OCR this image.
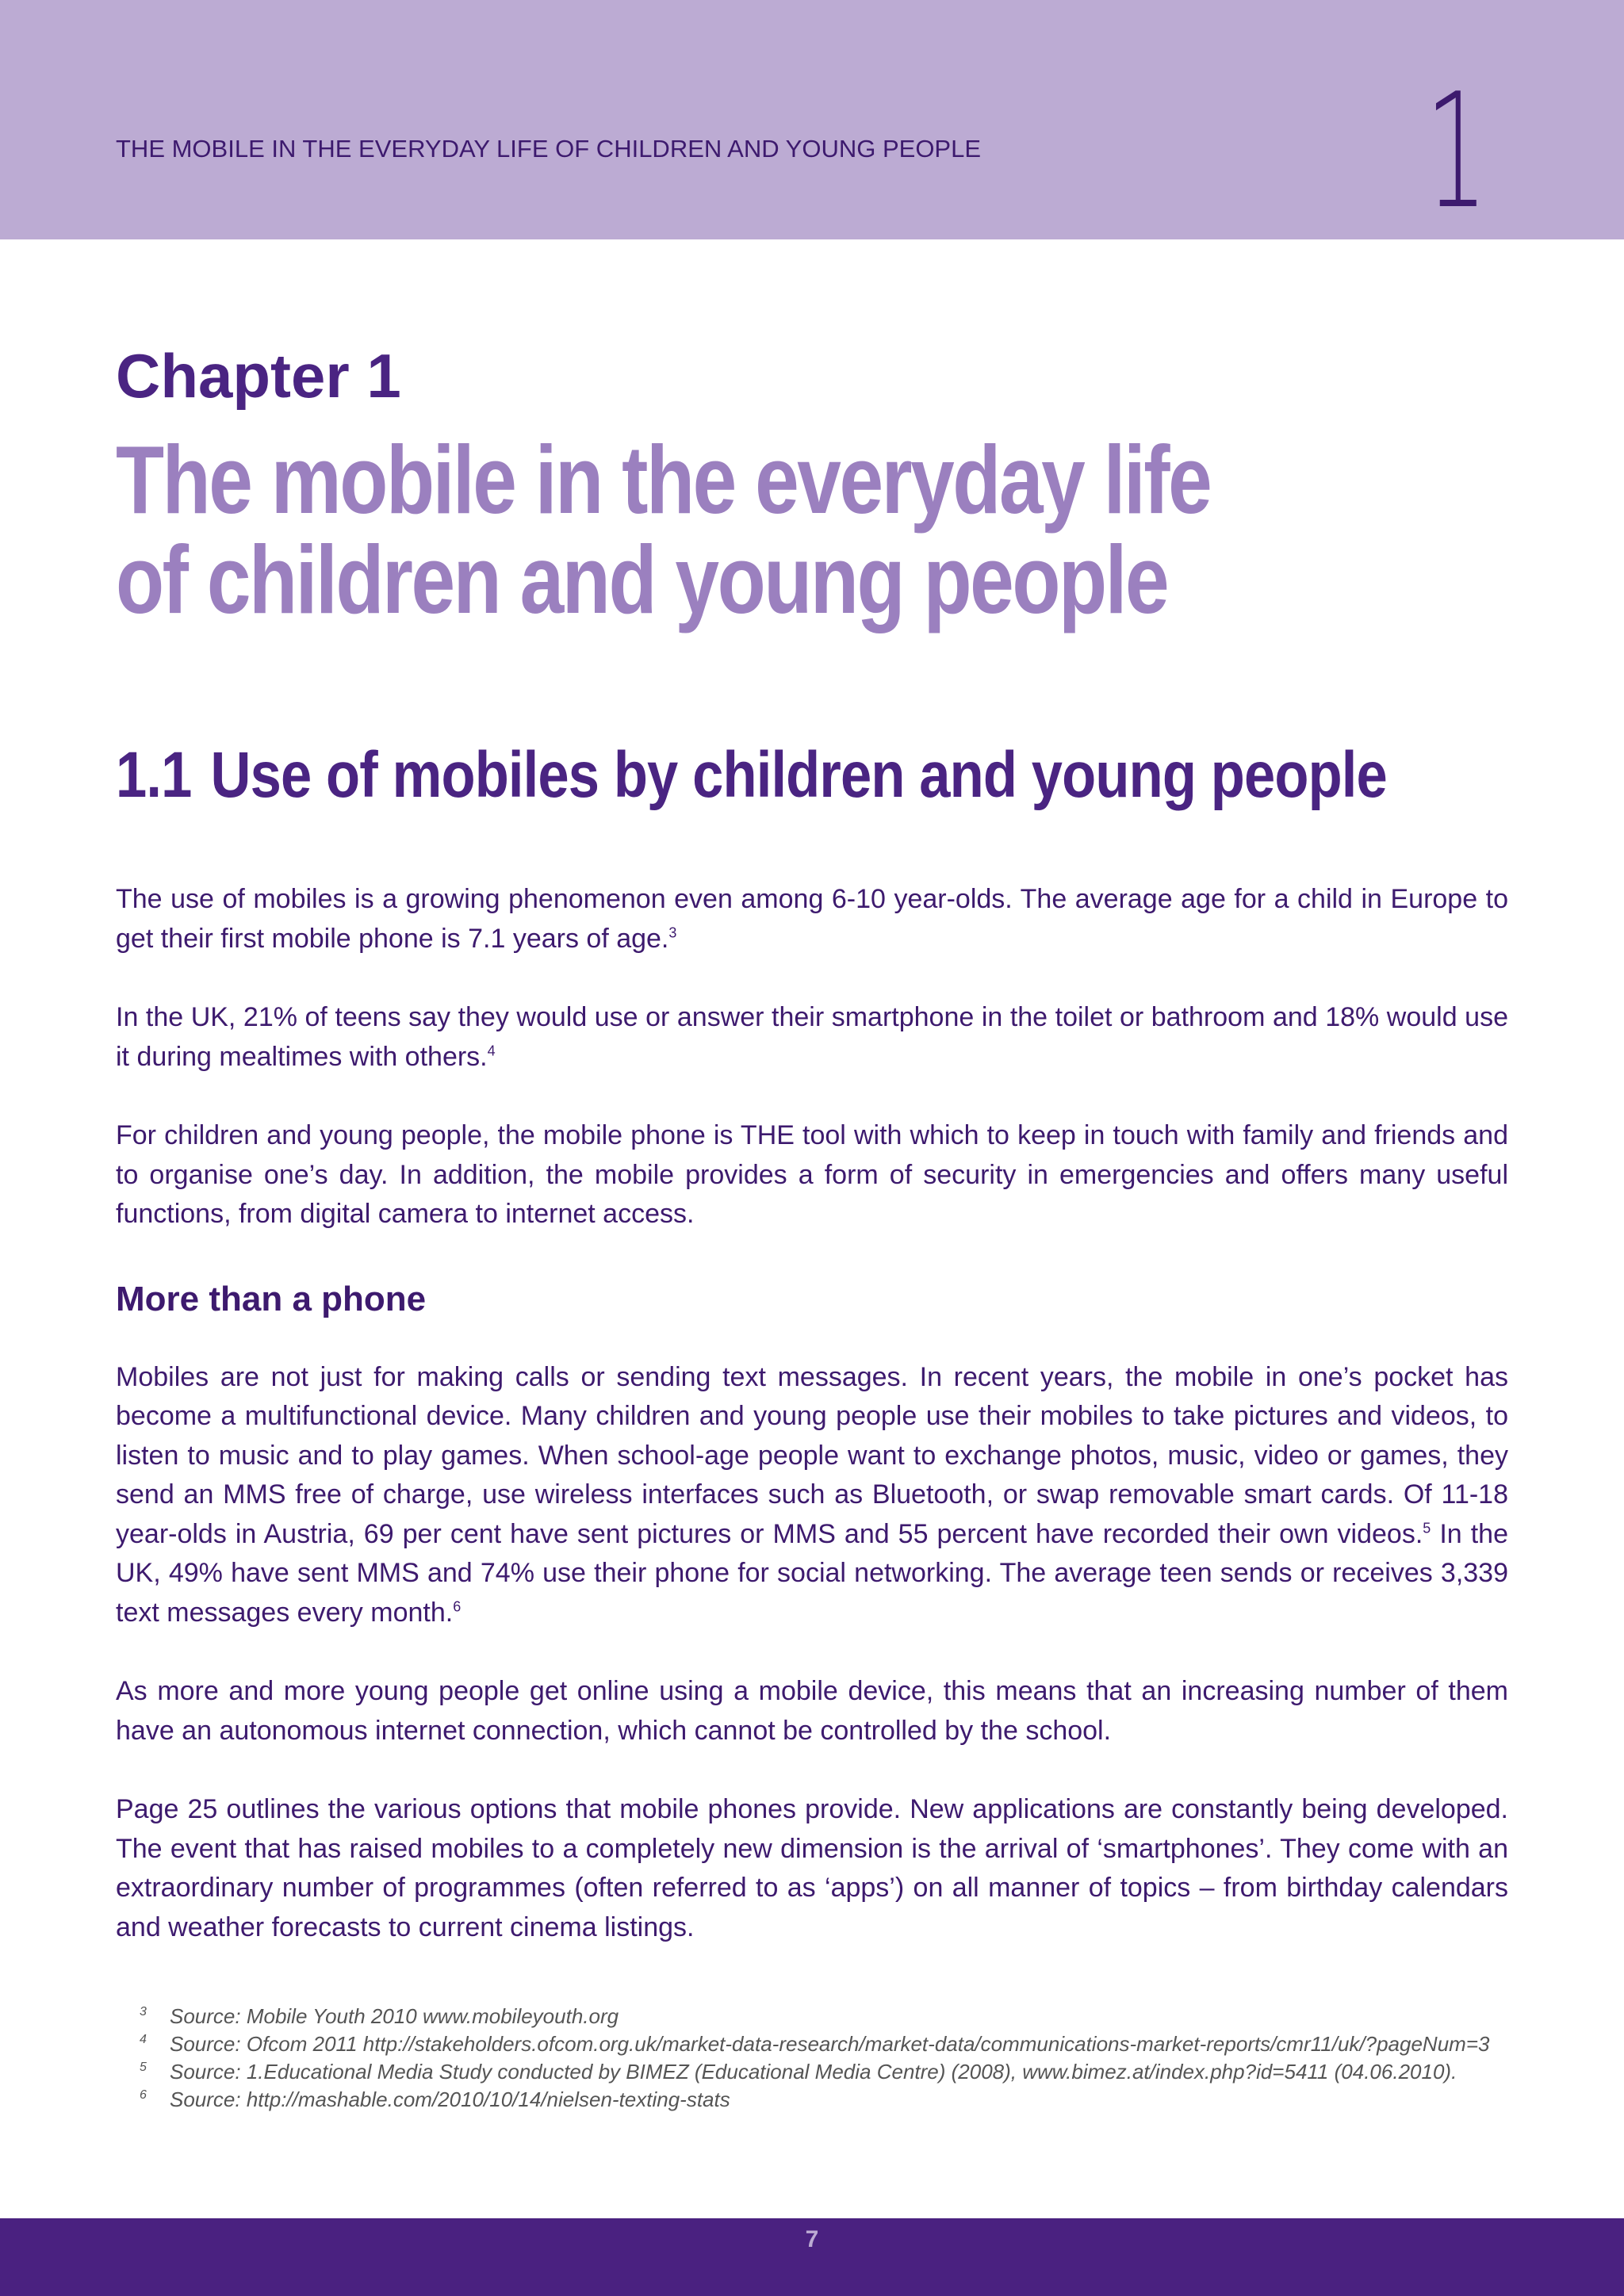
THE MOBILE IN THE EVERYDAY LIFE OF CHILDREN AND YOUNG PEOPLE	1
Chapter 1
The mobile in the everyday life
of children and young people
1.1 Use of mobiles by children and young people

The use of mobiles is a growing phenomenon even among 6-10 year-olds. The average age for a child in Europe to get their first mobile phone is 7.1 years of age.$^3$

In the UK, 21% of teens say they would use or answer their smartphone in the toilet or bathroom and 18% would use it during mealtimes with others.$^4$

For children and young people, the mobile phone is THE tool with which to keep in touch with family and friends and to organise one’s day. In addition, the mobile provides a form of security in emergencies and offers many useful functions, from digital camera to internet access.

More than a phone

Mobiles are not just for making calls or sending text messages. In recent years, the mobile in one’s pocket has become a multifunctional device. Many children and young people use their mobiles to take pictures and videos, to listen to music and to play games. When school-age people want to exchange photos, music, video or games, they send an MMS free of charge, use wireless interfaces such as Bluetooth, or swap removable smart cards. Of 11-18 year-olds in Austria, 69 per cent have sent pictures or MMS and 55 percent have recorded their own videos.$^5$ In the UK, 49% have sent MMS and 74% use their phone for social networking. The average teen sends or receives 3,339 text messages every month.$^6$

As more and more young people get online using a mobile device, this means that an increasing number of them have an autonomous internet connection, which cannot be controlled by the school.

Page 25 outlines the various options that mobile phones provide. New applications are constantly being developed. The event that has raised mobiles to a completely new dimension is the arrival of ‘smartphones’. They come with an extraordinary number of programmes (often referred to as ‘apps’) on all manner of topics – from birthday calendars and weather forecasts to current cinema listings.

3 Source: Mobile Youth 2010 www.mobileyouth.org
4 Source: Ofcom 2011 http://stakeholders.ofcom.org.uk/market-data-research/market-data/communications-market-reports/cmr11/uk/?pageNum=3
5 Source: 1.Educational Media Study conducted by BIMEZ (Educational Media Centre) (2008), www.bimez.at/index.php?id=5411 (04.06.2010).
6 Source: http://mashable.com/2010/10/14/nielsen-texting-stats
7
